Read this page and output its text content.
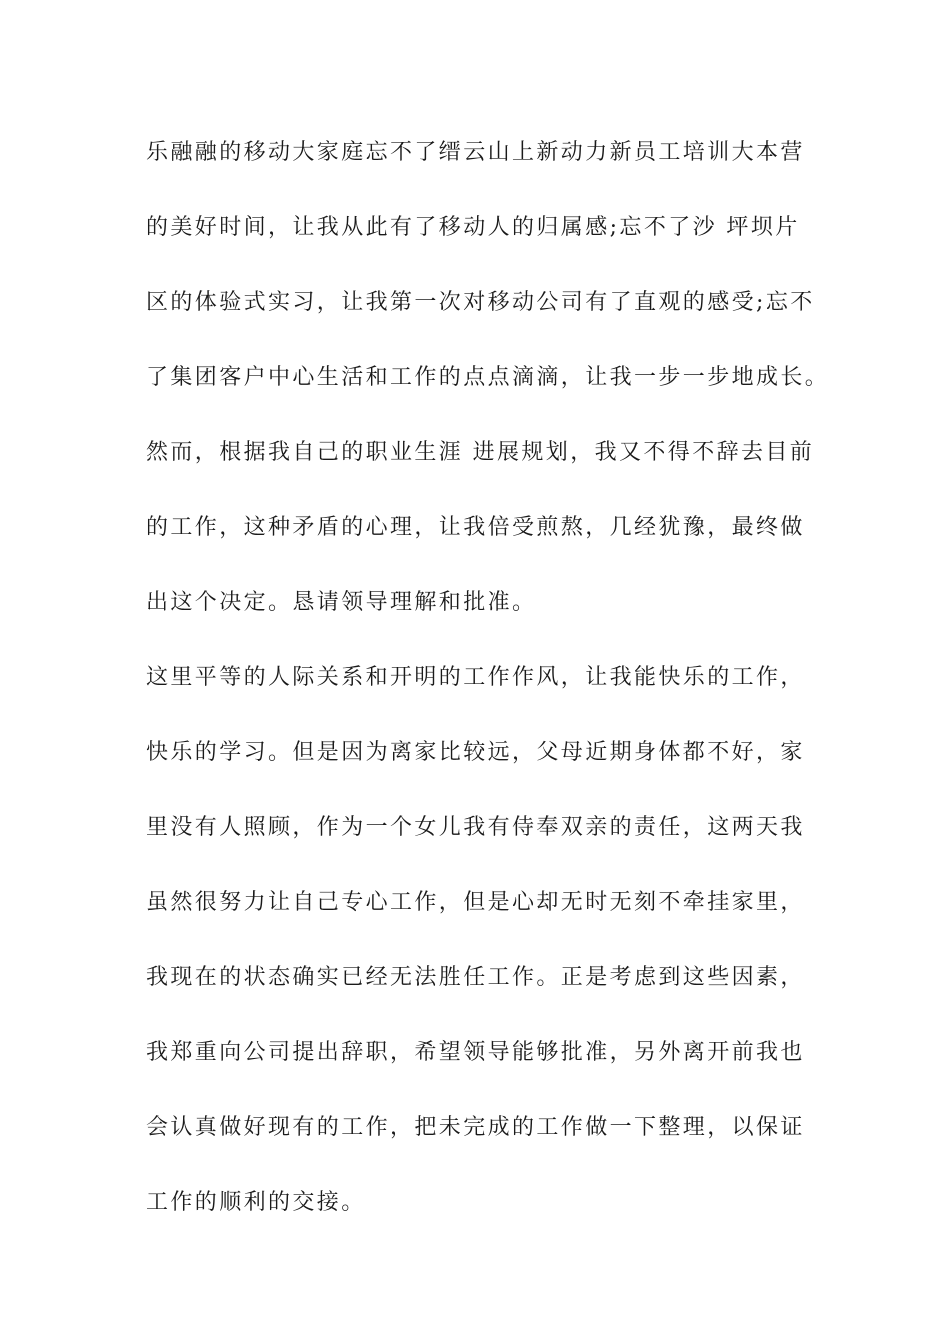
乐融融的移动大家庭忘不了缙云山上新动力新员工培训大本营
的美好时间，让我从此有了移动人的归属感;忘不了沙 坪坝片
区的体验式实习，让我第一次对移动公司有了直观的感受;忘不
了集团客户中心生活和工作的点点滴滴，让我一步一步地成长。
然而，根据我自己的职业生涯 进展规划，我又不得不辞去目前
的工作，这种矛盾的心理，让我倍受煎熬，几经犹豫，最终做
出这个决定。恳请领导理解和批准。
这里平等的人际关系和开明的工作作风，让我能快乐的工作，
快乐的学习。但是因为离家比较远，父母近期身体都不好，家
里没有人照顾，作为一个女儿我有侍奉双亲的责任，这两天我
虽然很努力让自己专心工作，但是心却无时无刻不牵挂家里，
我现在的状态确实已经无法胜任工作。正是考虑到这些因素，
我郑重向公司提出辞职，希望领导能够批准，另外离开前我也
会认真做好现有的工作，把未完成的工作做一下整理，以保证
工作的顺利的交接。
